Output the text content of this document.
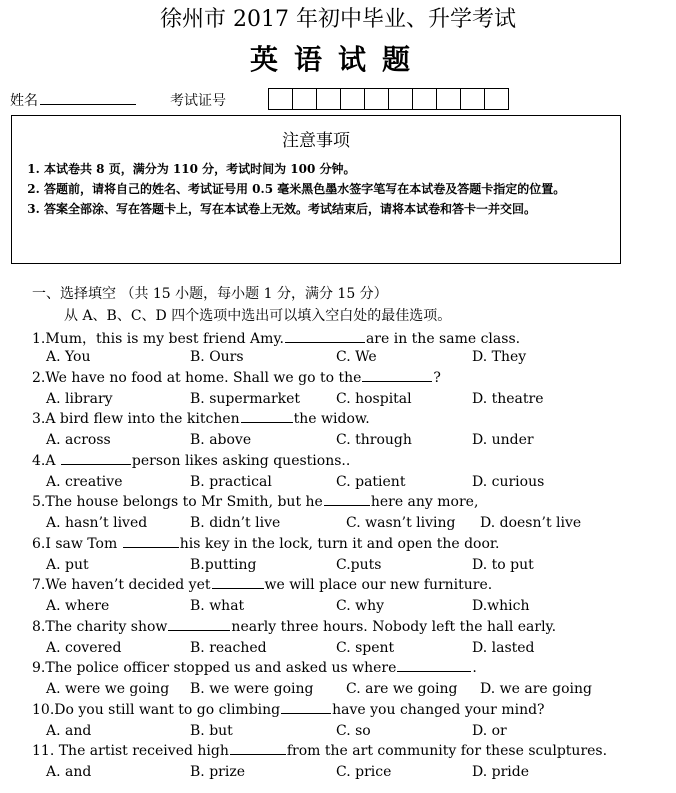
徐州市 2017 年初中毕业、升学考试
英语试题
姓名	考试证号
注意事项
1. 本试卷共 8 页，满分为 110 分，考试时间为 100 分钟。
2. 答题前，请将自己的姓名、考试证号用 0.5 毫米黑色墨水签字笔写在本试卷及答题卡指定的位置。
3. 答案全部涂、写在答题卡上，写在本试卷上无效。考试结束后，请将本试卷和答卡一并交回。
一、选择填空 （共 15 小题，每小题 1 分，满分 15 分）
从 A、B、C、D 四个选项中选出可以填入空白处的最佳选项。
1.Mum，this is my best friend Amy.	are in the same class.
A. You	B. Ours	C. We	D. They
2.We have no food at home. Shall we go to the	?
A. library	B. supermarket	C. hospital	D. theatre
3.A bird flew into the kitchen	the widow.
A. across	B. above	C. through	D. under
4.A	person likes asking questions..
A. creative	B. practical	C. patient	D. curious
5.The house belongs to Mr Smith, but he	here any more,
A. hasn’t lived	B. didn’t live	C. wasn’t living D. doesn’t live
6.I saw Tom	his key in the lock, turn it and open the door.
A. put	B.putting	C.puts	D. to put
7.We haven’t decided yet	we will place our new furniture.
A. where	B. what	C. why	D.which
8.The charity show	nearly three hours. Nobody left the hall early.
A. covered	B. reached	C. spent	D. lasted
9.The police officer stopped us and asked us where	.
A. were we going B. we were going C. are we going D. we are going
10.Do you still want to go climbing	have you changed your mind?
A. and	B. but	C. so	D. or
11. The artist received high	from the art community for these sculptures.
A. and	B. prize	C. price	D. pride
